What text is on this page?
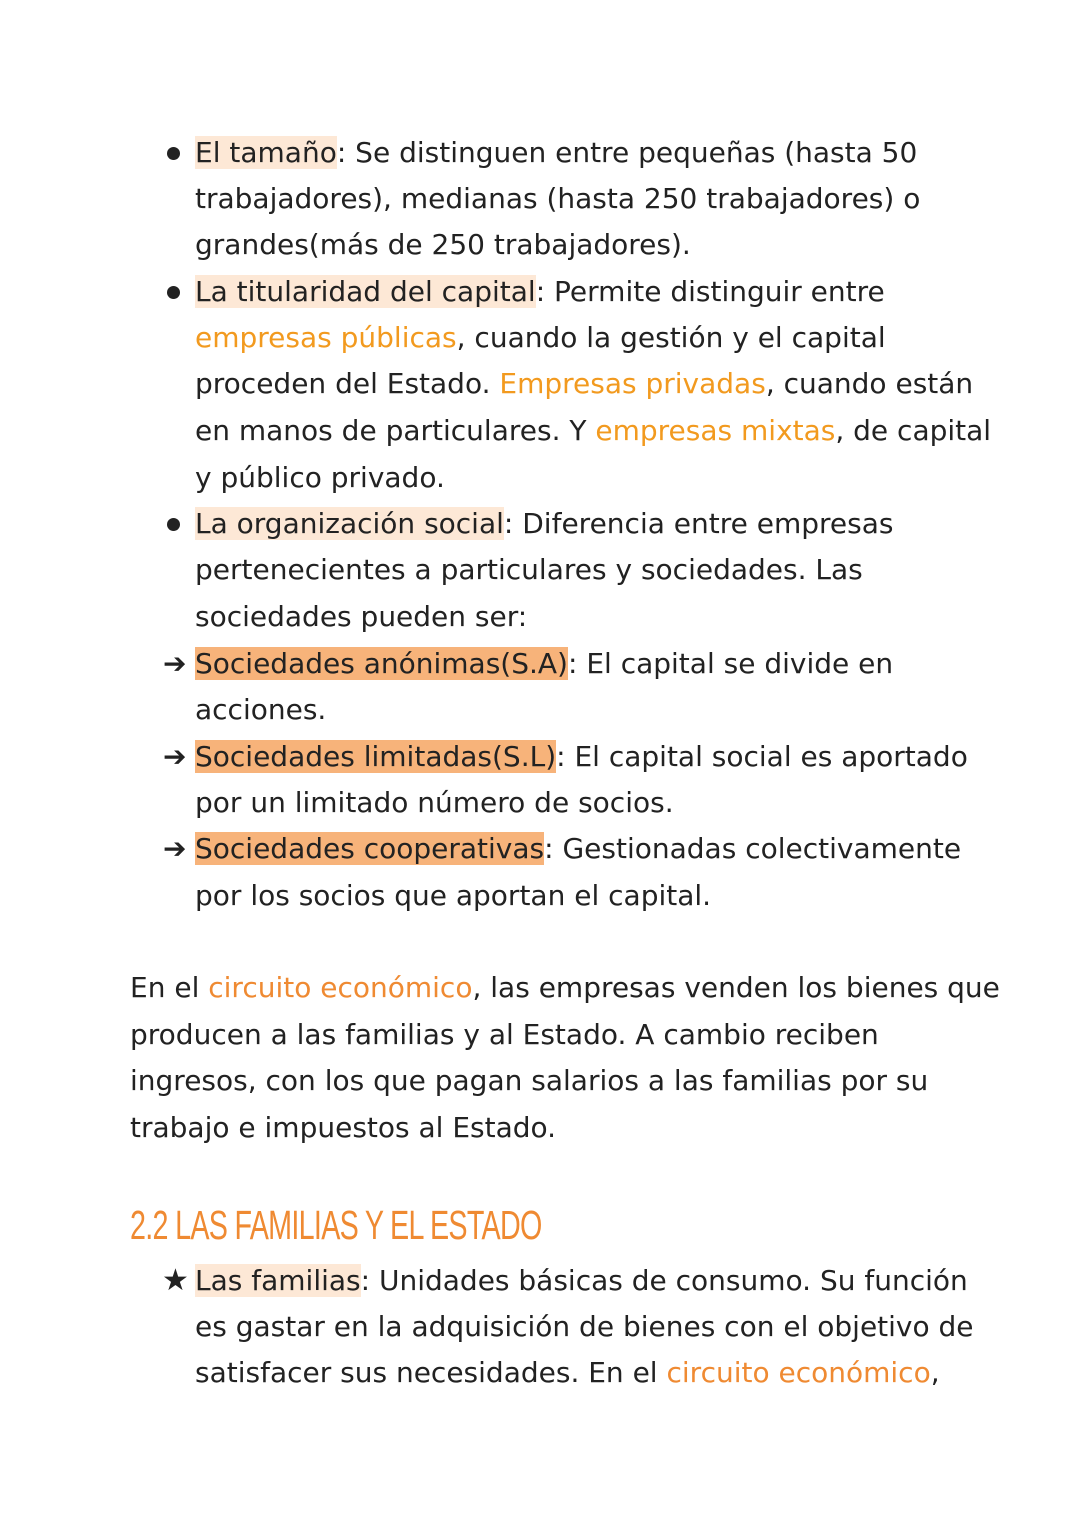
El tamaño: Se distinguen entre pequeñas (hasta 50
trabajadores), medianas (hasta 250 trabajadores) o
grandes(más de 250 trabajadores).
La titularidad del capital: Permite distinguir entre
empresas públicas, cuando la gestión y el capital
proceden del Estado. Empresas privadas, cuando están
en manos de particulares. Y empresas mixtas, de capital
y público privado.
La organización social: Diferencia entre empresas
pertenecientes a particulares y sociedades. Las
sociedades pueden ser:
➔ Sociedades anónimas(S.A): El capital se divide en
acciones.
➔ Sociedades limitadas(S.L): El capital social es aportado
por un limitado número de socios.
➔ Sociedades cooperativas: Gestionadas colectivamente
por los socios que aportan el capital.
En el circuito económico, las empresas venden los bienes que
producen a las familias y al Estado. A cambio reciben
ingresos, con los que pagan salarios a las familias por su
trabajo e impuestos al Estado.
2.2 LAS FAMILIAS Y EL ESTADO
★ Las familias: Unidades básicas de consumo. Su función
es gastar en la adquisición de bienes con el objetivo de
satisfacer sus necesidades. En el circuito económico,
